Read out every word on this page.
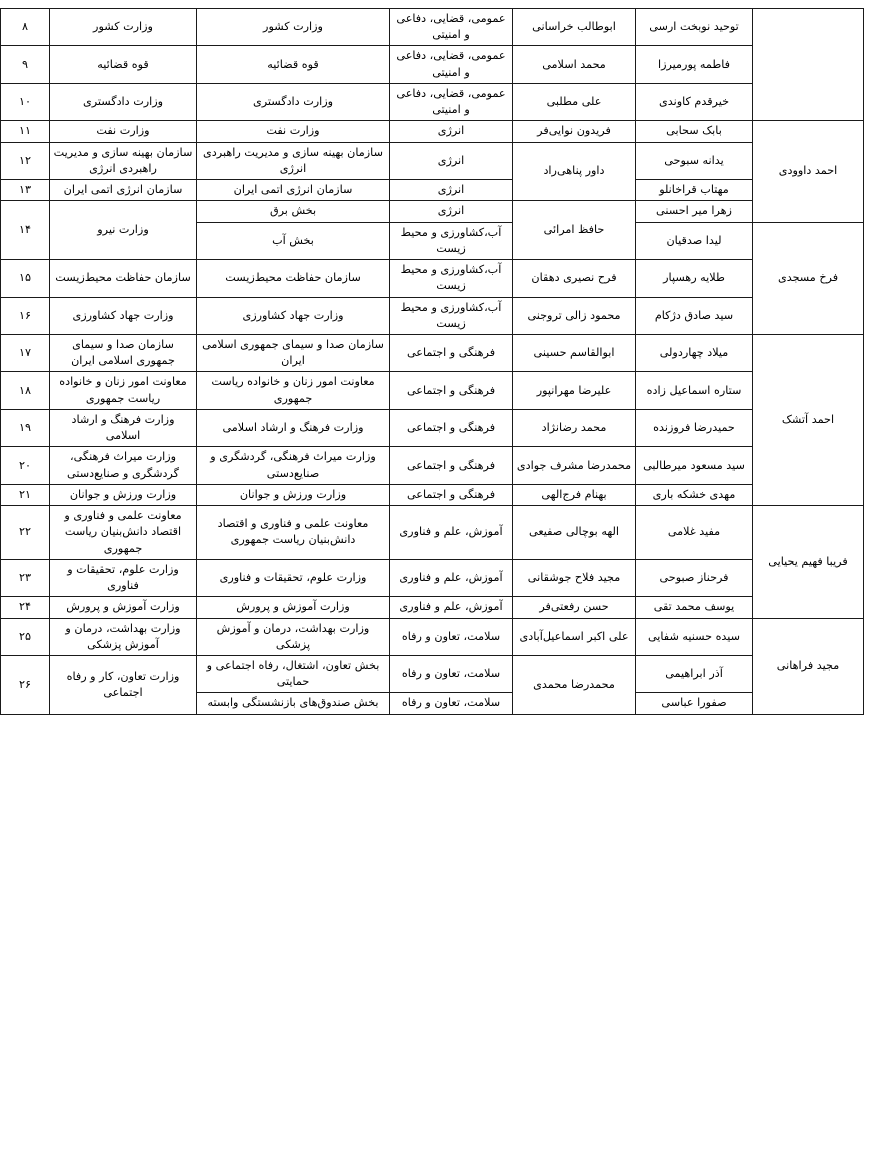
	توحید نوبخت ارسی	ابوطالب خراسانی	عمومی، قضایی، دفاعی و امنیتی	وزارت کشور	وزارت کشور	۸
	فاطمه پورمیرزا	محمد اسلامی	عمومی، قضایی، دفاعی و امنیتی	قوه قضائیه	قوه قضائیه	۹
	خیرقدم کاوندی	علی مطلبی	عمومی، قضایی، دفاعی و امنیتی	وزارت دادگستری	وزارت دادگستری	۱۰
احمد داوودی	بابک سحابی	فریدون نوایی‌فر	انرژی	وزارت نفت	وزارت نفت	۱۱
	یدانه سبوحی	داور پناهی‌راد	انرژی	سازمان بهینه سازی و مدیریت راهبردی انرژی	سازمان بهینه سازی و مدیریت راهبردی انرژی	۱۲
	مهتاب قراخانلو		انرژی	سازمان انرژی اتمی ایران	سازمان انرژی اتمی ایران	۱۳
	زهرا میر احسنی	حافظ امرائی	انرژی	بخش برق	وزارت نیرو	۱۴
فرخ مسجدی	لیدا صدقیان		آب،کشاورزی و محیط زیست	بخش آب		
	طلایه رهسپار	فرح نصیری دهقان	آب،کشاورزی و محیط زیست	سازمان حفاظت محیط‌زیست	سازمان حفاظت محیط‌زیست	۱۵
	سید صادق دژکام	محمود زالی تروجنی	آب،کشاورزی و محیط زیست	وزارت جهاد کشاورزی	وزارت جهاد کشاورزی	۱۶
احمد آتشک	میلاد چهاردولی	ابوالقاسم حسینی	فرهنگی و اجتماعی	سازمان صدا و سیمای جمهوری اسلامی ایران	سازمان صدا و سیمای جمهوری اسلامی ایران	۱۷
	ستاره اسماعیل زاده	علیرضا مهرانپور	فرهنگی و اجتماعی	معاونت امور زنان و خانواده ریاست جمهوری	معاونت امور زنان و خانواده ریاست جمهوری	۱۸
	حمیدرضا فروزنده	محمد رضانژاد	فرهنگی و اجتماعی	وزارت فرهنگ و ارشاد اسلامی	وزارت فرهنگ و ارشاد اسلامی	۱۹
	سید مسعود میرطالبی	محمدرضا مشرف جوادی	فرهنگی و اجتماعی	وزارت میراث فرهنگی، گردشگری و صنایع‌دستی	وزارت میراث فرهنگی، گردشگری و صنایع‌دستی	۲۰
	مهدی خشکه باری	بهنام فرج‌الهی	فرهنگی و اجتماعی	وزارت ورزش و جوانان	وزارت ورزش و جوانان	۲۱
فریبا فهیم یحیایی	مفید غلامی	الهه بوچالی صفیعی	آموزش، علم و فناوری	معاونت علمی و فناوری و اقتصاد دانش‌بنیان ریاست جمهوری	معاونت علمی و فناوری و اقتصاد دانش‌بنیان ریاست جمهوری	۲۲
	فرحناز صبوحی	مجید فلاح جوشقانی	آموزش، علم و فناوری	وزارت علوم، تحقیقات و فناوری	وزارت علوم، تحقیقات و فناوری	۲۳
	یوسف محمد تقی	حسن رفعتی‌فر	آموزش، علم و فناوری	وزارت آموزش و پرورش	وزارت آموزش و پرورش	۲۴
مجید فراهانی	سیده حسنیه شفایی	علی اکبر اسماعیل‌آبادی	سلامت، تعاون و رفاه	وزارت بهداشت، درمان و آموزش پزشکی	وزارت بهداشت، درمان و آموزش پزشکی	۲۵
	آذر ابراهیمی	محمدرضا محمدی	سلامت، تعاون و رفاه	بخش تعاون، اشتغال، رفاه اجتماعی و حمایتی	وزارت تعاون، کار و رفاه اجتماعی	۲۶
	صفورا عباسی		سلامت، تعاون و رفاه	بخش صندوق‌های بازنشستگی وابسته		
